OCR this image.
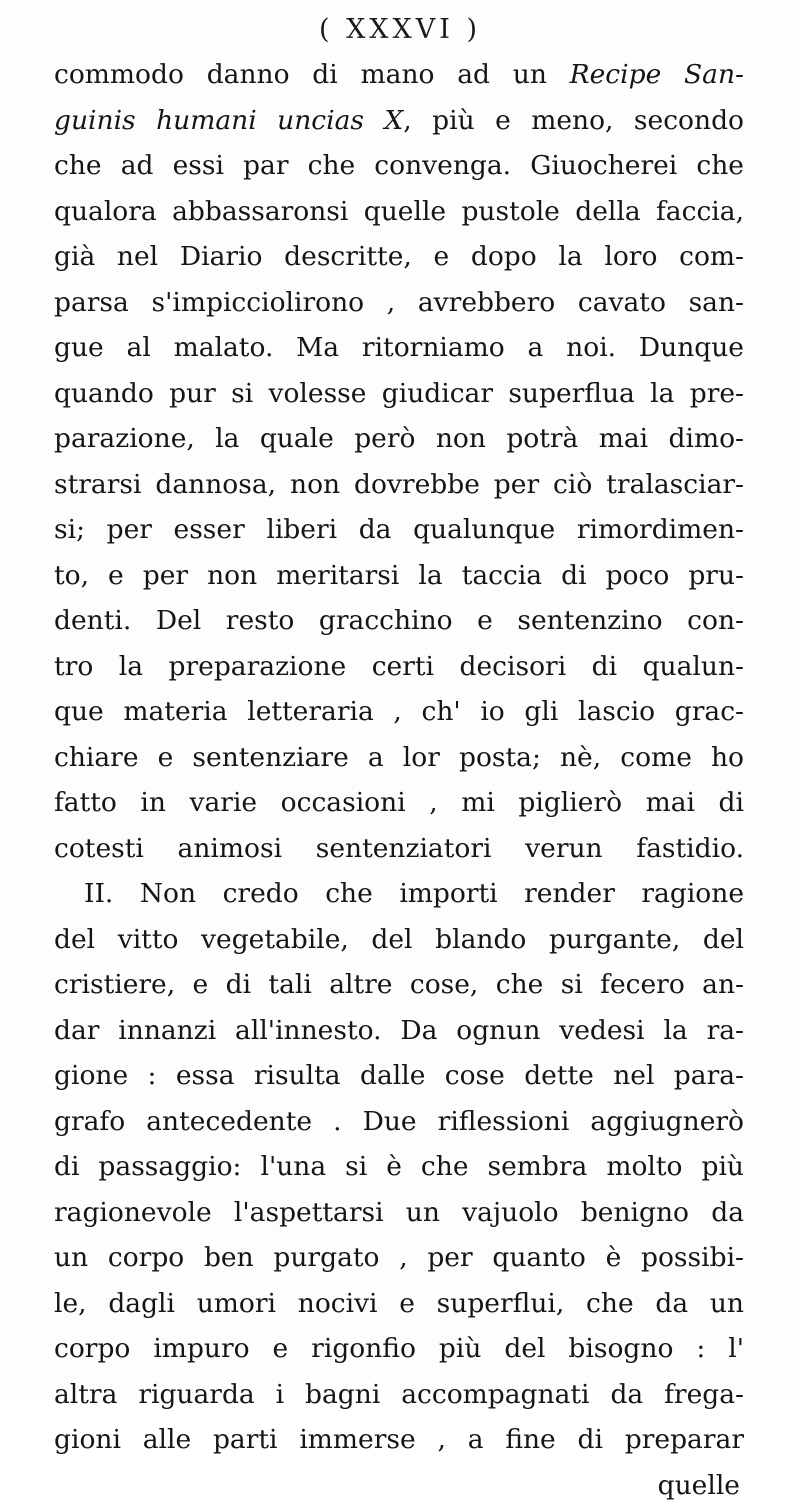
( XXXVI )
commodo danno di mano ad un Recipe San-
guinis humani uncias X, più e meno, secondo
che ad essi par che convenga. Giuocherei che
qualora abbassaronsi quelle pustole della faccia,
già nel Diario descritte, e dopo la loro com-
parsa s'impicciolirono , avrebbero cavato san-
gue al malato. Ma ritorniamo a noi. Dunque
quando pur si volesse giudicar superflua la pre-
parazione, la quale però non potrà mai dimo-
strarsi dannosa, non dovrebbe per ciò tralasciar-
si; per esser liberi da qualunque rimordimen-
to, e per non meritarsi la taccia di poco pru-
denti. Del resto gracchino e sentenzino con-
tro la preparazione certi decisori di qualun-
que materia letteraria , ch' io gli lascio grac-
chiare e sentenziare a lor posta; nè, come ho
fatto in varie occasioni , mi piglierò mai di
cotesti animosi sentenziatori verun fastidio.
II. Non credo che importi render ragione
del vitto vegetabile, del blando purgante, del
cristiere, e di tali altre cose, che si fecero an-
dar innanzi all'innesto. Da ognun vedesi la ra-
gione : essa risulta dalle cose dette nel para-
grafo antecedente . Due riflessioni aggiugnerò
di passaggio: l'una si è che sembra molto più
ragionevole l'aspettarsi un vajuolo benigno da
un corpo ben purgato , per quanto è possibi-
le, dagli umori nocivi e superflui, che da un
corpo impuro e rigonfio più del bisogno : l'
altra riguarda i bagni accompagnati da frega-
gioni alle parti immerse , a fine di preparar
quelle
